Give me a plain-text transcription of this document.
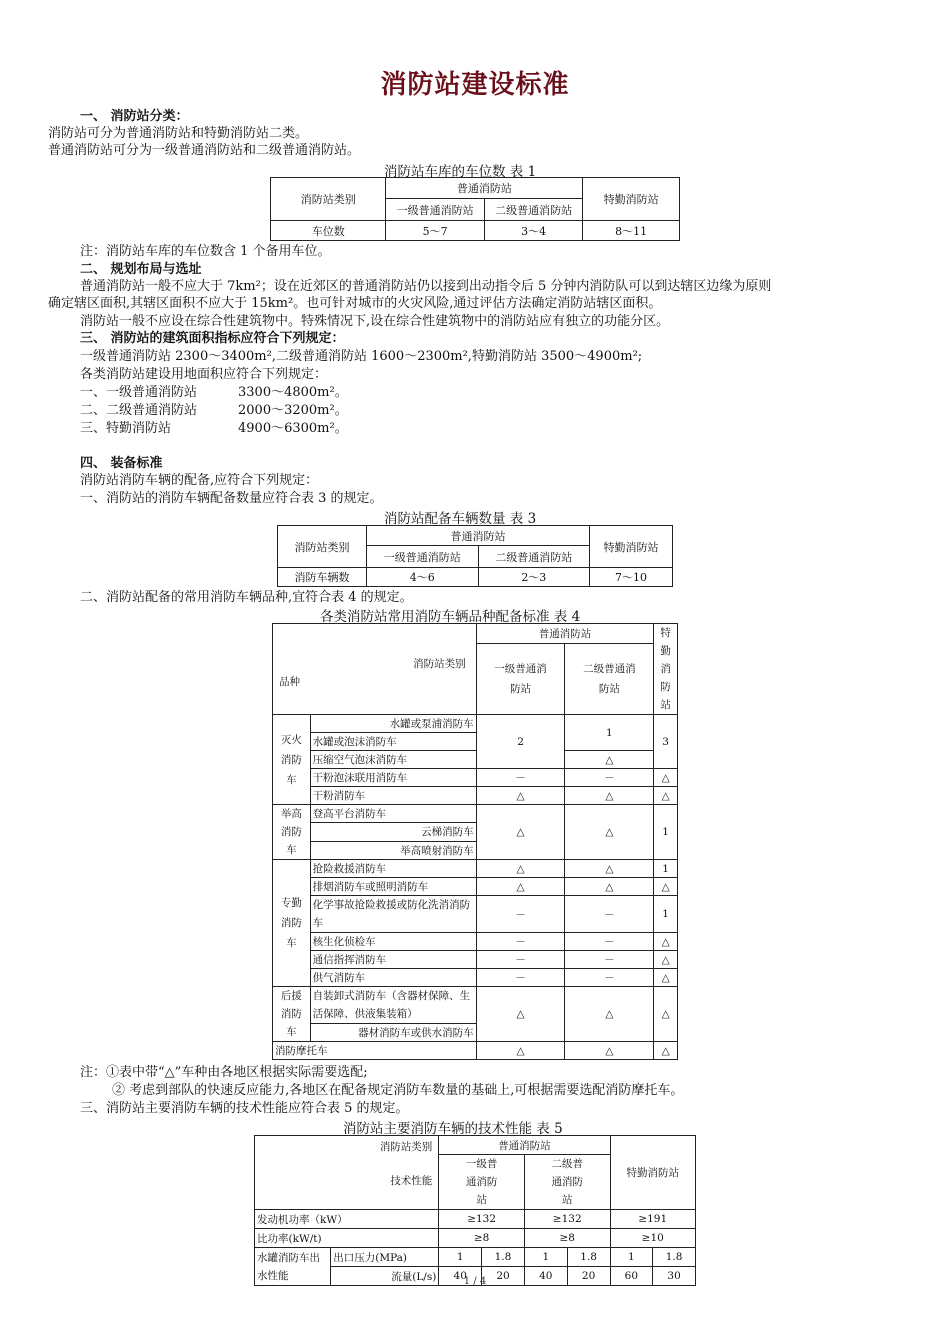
消防站建设标准
一、 消防站分类：
消防站可分为普通消防站和特勤消防站二类。
普通消防站可分为一级普通消防站和二级普通消防站。
消防站车库的车位数 表 1
消防站类别	普通消防站		特勤消防站
	一级普通消防站	二级普通消防站	
车位数	5～7	3～4	8～11
注：消防站车库的车位数含 1 个备用车位。
二、 规划布局与选址
普通消防站一般不应大于 7km²；设在近郊区的普通消防站仍以接到出动指令后 5 分钟内消防队可以到达辖区边缘为原则
确定辖区面积,其辖区面积不应大于 15km²。也可针对城市的火灾风险,通过评估方法确定消防站辖区面积。
消防站一般不应设在综合性建筑物中。特殊情况下,设在综合性建筑物中的消防站应有独立的功能分区。
三、 消防站的建筑面积指标应符合下列规定：
一级普通消防站 2300～3400m²,二级普通消防站 1600～2300m²,特勤消防站 3500～4900m²;
各类消防站建设用地面积应符合下列规定：
一、一级普通消防站	3300～4800m²。
二、二级普通消防站	2000～3200m²。
三、特勤消防站	4900～6300m²。
四、 装备标准
消防站消防车辆的配备,应符合下列规定：
一、消防站的消防车辆配备数量应符合表 3 的规定。
消防站配备车辆数量 表 3
消防站类别	普通消防站		特勤消防站
	一级普通消防站	二级普通消防站	
消防车辆数	4～6	2～3	7～10
二、消防站配备的常用消防车辆品种,宜符合表 4 的规定。
各类消防站常用消防车辆品种配备标准 表 4
消防站类别
品种		普通消防站		特勤消防站
		一级普通消防站	二级普通消防站	
灭火消防车	水罐或泵浦消防车	2	1	3
	水罐或泡沫消防车			
	压缩空气泡沫消防车		△	
	干粉泡沫联用消防车	－	－	△
	干粉消防车	△	△	△
举高消防车	登高平台消防车	△	△	1
	云梯消防车			
	举高喷射消防车			
专勤消防车	抢险救援消防车	△	△	1
	排烟消防车或照明消防车	△	△	△
	化学事故抢险救援或防化洗消消防车	－	－	1
	核生化侦检车	－	－	△
	通信指挥消防车	－	－	△
	供气消防车	－	－	△
后援消防车	自装卸式消防车（含器材保障、生活保障、供液集装箱）	△	△	△
	器材消防车或供水消防车			
消防摩托车		△	△	△
注：①表中带“△”车种由各地区根据实际需要选配;
② 考虑到部队的快速反应能力,各地区在配备规定消防车数量的基础上,可根据需要选配消防摩托车。
三、消防站主要消防车辆的技术性能应符合表 5 的规定。
消防站主要消防车辆的技术性能 表 5
消防站类别
技术性能		普通消防站				特勤消防站	
		一级普通消防站		二级普通消防站			
发动机功率（kW）		≥132		≥132		≥191	
比功率(kW/t)		≥8		≥8		≥10	
水罐消防车出水性能	出口压力(MPa)	1	1.8	1	1.8	1	1.8
	流量(L/s)	40	20	40	20	60	30
1 / 4
